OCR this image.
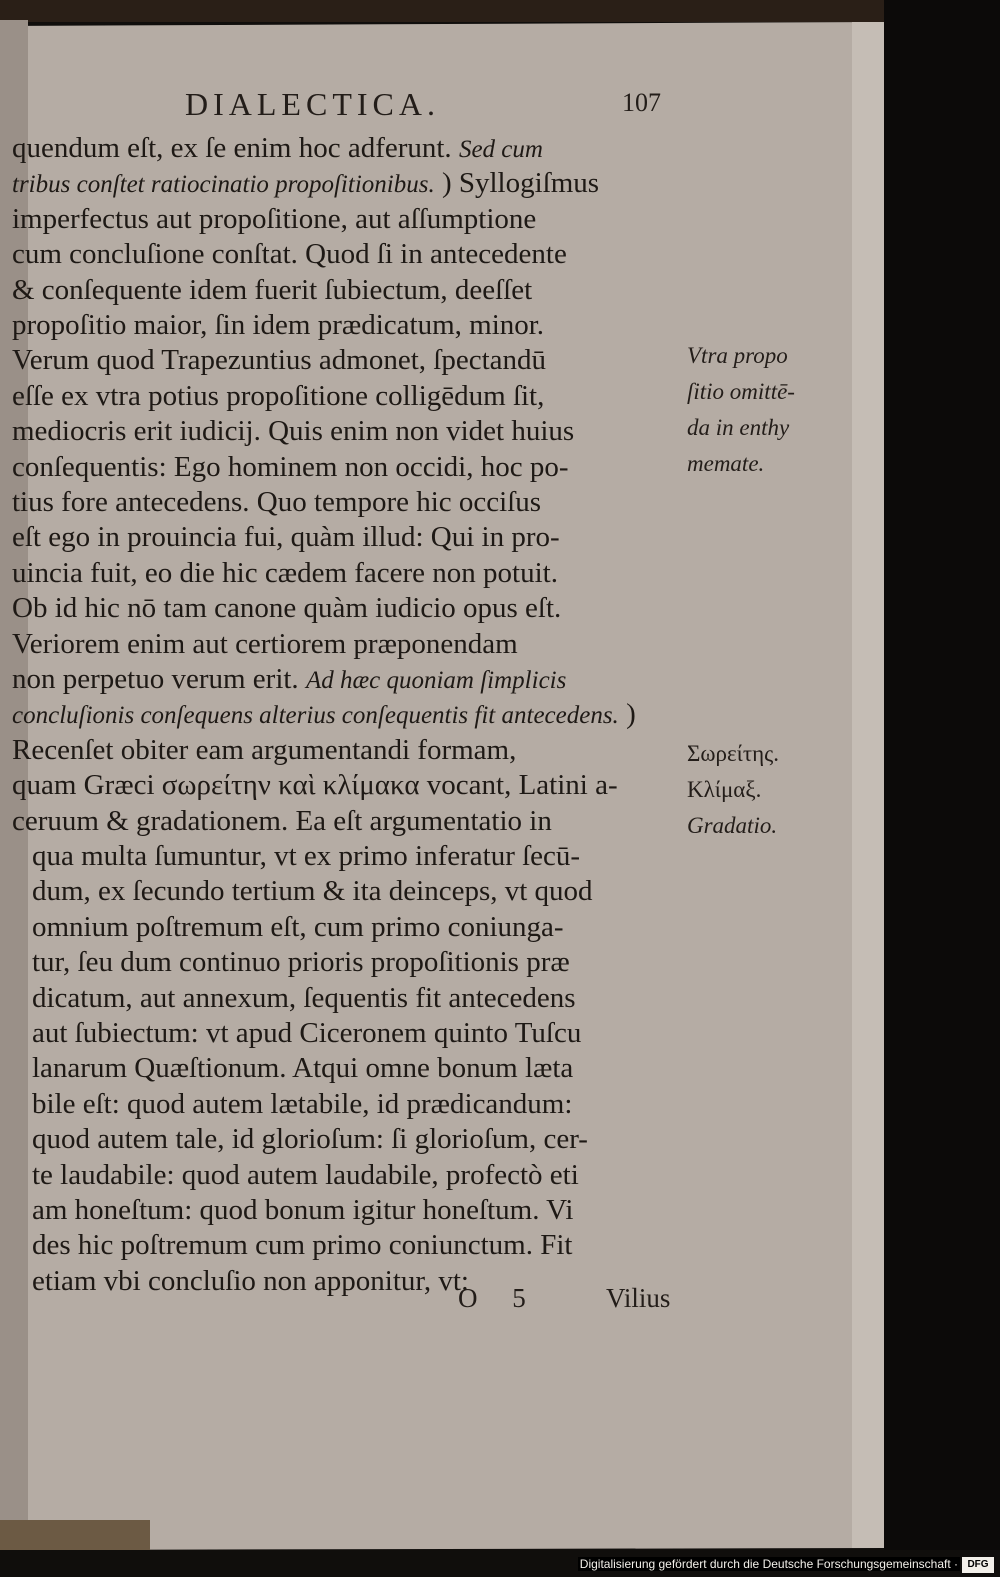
DIALECTICA.	107
quendum eſt, ex ſe enim hoc adferunt. Sed cum
tribus conſtet ratiocinatio propoſitionibus. ) Syllogiſmus
imperfectus aut propoſitione, aut aſſumptione
cum concluſione conſtat. Quod ſi in antecedente
& conſequente idem fuerit ſubiectum, deeſſet
propoſitio maior, ſin idem prædicatum, minor.
Verum quod Trapezuntius admonet, ſpectandū
eſſe ex vtra potius propoſitione colligēdum ſit,
mediocris erit iudicij. Quis enim non videt huius
conſequentis: Ego hominem non occidi, hoc po-
tius fore antecedens. Quo tempore hic occiſus
eſt ego in prouincia fui, quàm illud: Qui in pro-
uincia fuit, eo die hic cædem facere non potuit.
Ob id hic nō tam canone quàm iudicio opus eſt.
Veriorem enim aut certiorem præponendam
non perpetuo verum erit. Ad hæc quoniam ſimplicis
concluſionis conſequens alterius conſequentis fit antecedens. )
Recenſet obiter eam argumentandi formam,
quam Græci σωρείτην καὶ κλίμακα vocant, Latini a-
ceruum & gradationem. Ea eſt argumentatio in
qua multa ſumuntur, vt ex primo inferatur ſecū-
dum, ex ſecundo tertium & ita deinceps, vt quod
omnium poſtremum eſt, cum primo coniunga-
tur, ſeu dum continuo prioris propoſitionis præ
dicatum, aut annexum, ſequentis fit antecedens
aut ſubiectum: vt apud Ciceronem quinto Tuſcu
lanarum Quæſtionum. Atqui omne bonum læta
bile eſt: quod autem lætabile, id prædicandum:
quod autem tale, id glorioſum: ſi glorioſum, cer-
te laudabile: quod autem laudabile, profectò eti
am honeſtum: quod bonum igitur honeſtum. Vi
des hic poſtremum cum primo coniunctum. Fit
etiam vbi concluſio non apponitur, vt:
Vtra propo
ſitio omittē-
da in enthy
memate.
Σωρείτης.
Κλίμαξ.
Gradatio.
O 5 Vilius
Digitalisierung gefördert durch die Deutsche Forschungsgemeinschaft · DFG
